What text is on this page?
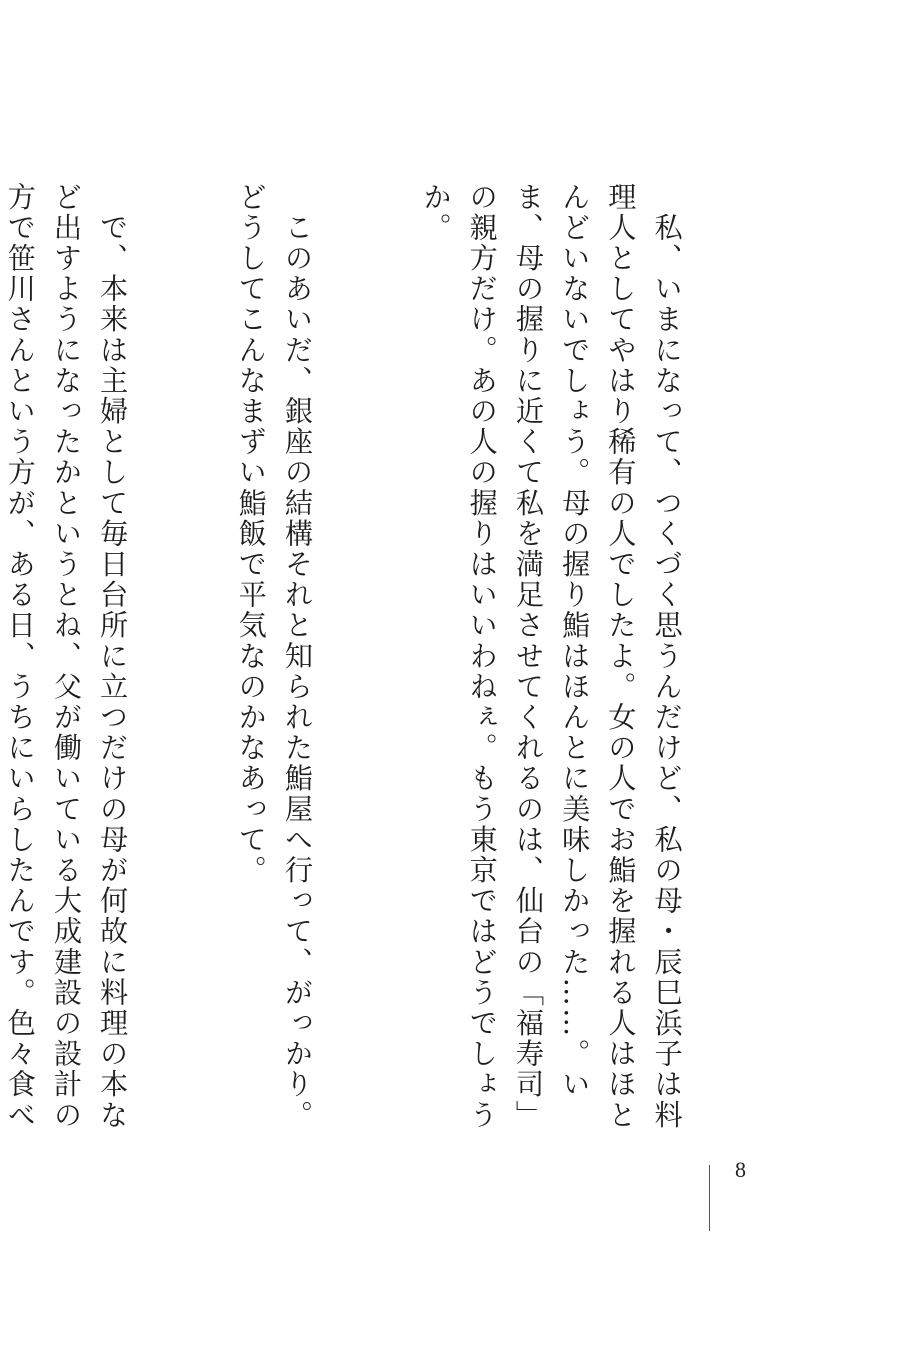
　私、いまになって、つくづく思うんだけど、私の母・辰巳浜子は料理人としてやはり稀有の人でしたよ。女の人でお鮨を握れる人はほとんどいないでしょう。母の握り鮨はほんとに美味しかった……。いま、母の握りに近くて私を満足させてくれるのは、仙台の「福寿司」の親方だけ。あの人の握りはいいわねぇ。もう東京ではどうでしょうか。

　このあいだ、銀座の結構それと知られた鮨屋へ行って、がっかり。どうしてこんなまずい鮨飯で平気なのかなあって。

　で、本来は主婦として毎日台所に立つだけの母が何故に料理の本など出すようになったかというとね、父が働いている大成建設の設計の方で笹川さんという方が、ある日、うちにいらしたんです。色々食べ

8
